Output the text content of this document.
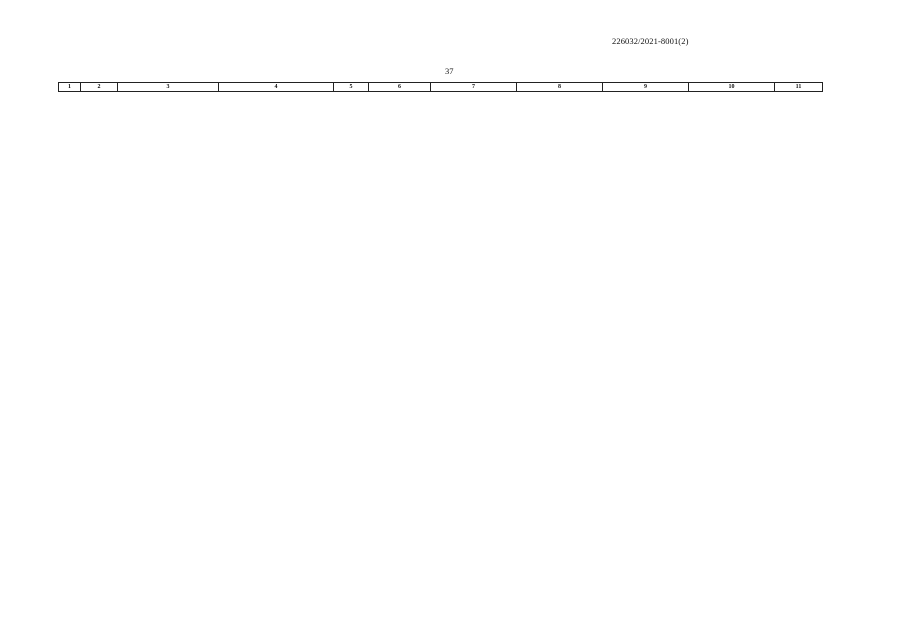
226032/2021-8001(2)
37
1	2	3	4	5	6	7	8	9	10	11
